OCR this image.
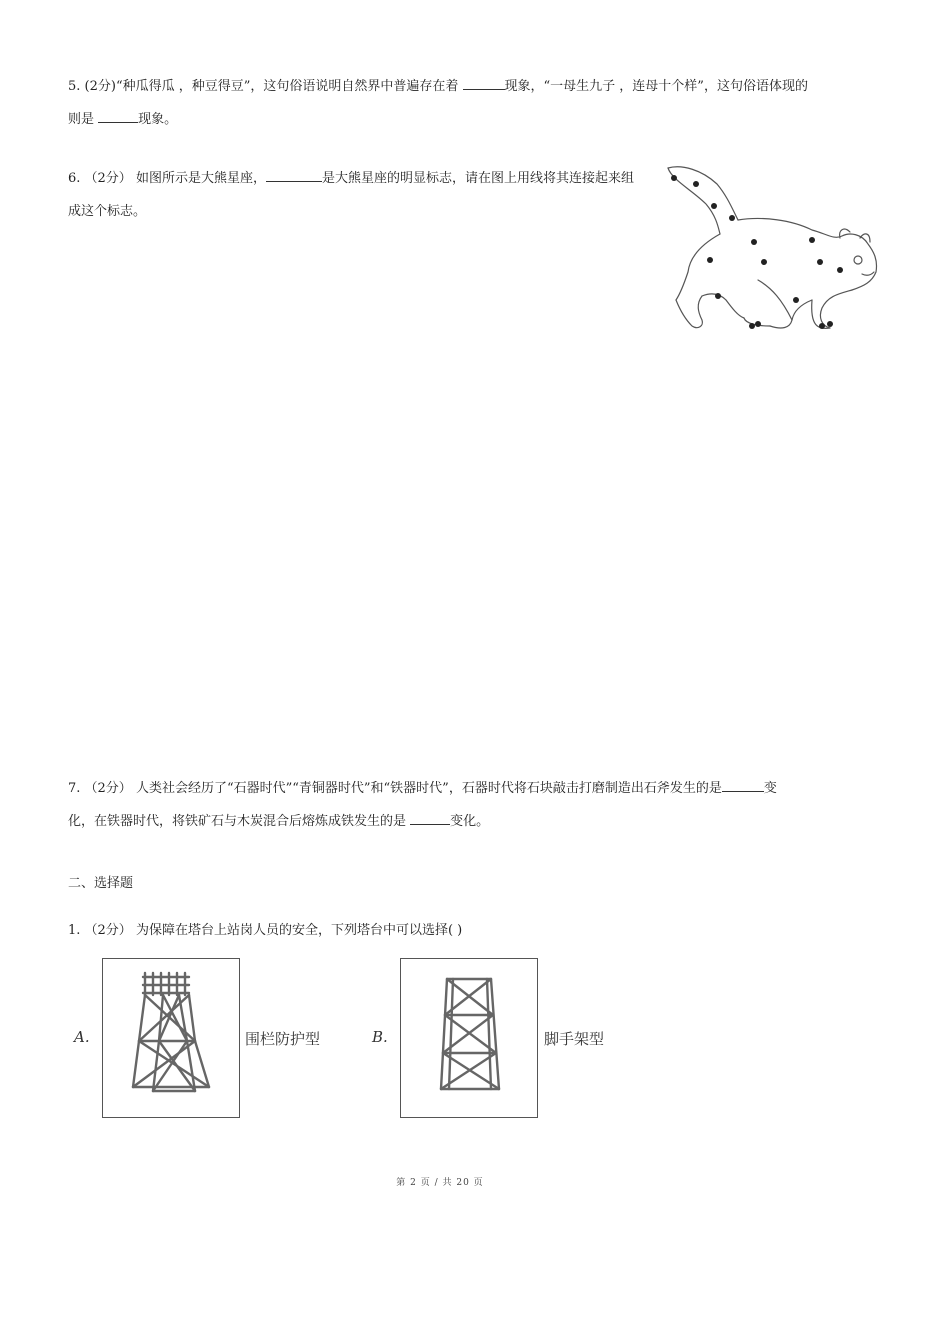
5. (2分)“种瓜得瓜 ，种豆得豆”，这句俗语说明自然界中普遍存在着	现象，“一母生九子 ，连母十个样”，这句俗语体现的
则是	现象。
6. （2分） 如图所示是大熊星座，	是大熊星座的明显标志，请在图上用线将其连接起来组
成这个标志。
7. （2分） 人类社会经历了“石器时代”“青铜器时代”和“铁器时代”，石器时代将石块敲击打磨制造出石斧发生的是	变
化，在铁器时代，将铁矿石与木炭混合后熔炼成铁发生的是	变化。
二、选择题
1. （2分） 为保障在塔台上站岗人员的安全，下列塔台中可以选择( )
A.	围栏防护型	B.	脚手架型
第 2 页 / 共 20 页
